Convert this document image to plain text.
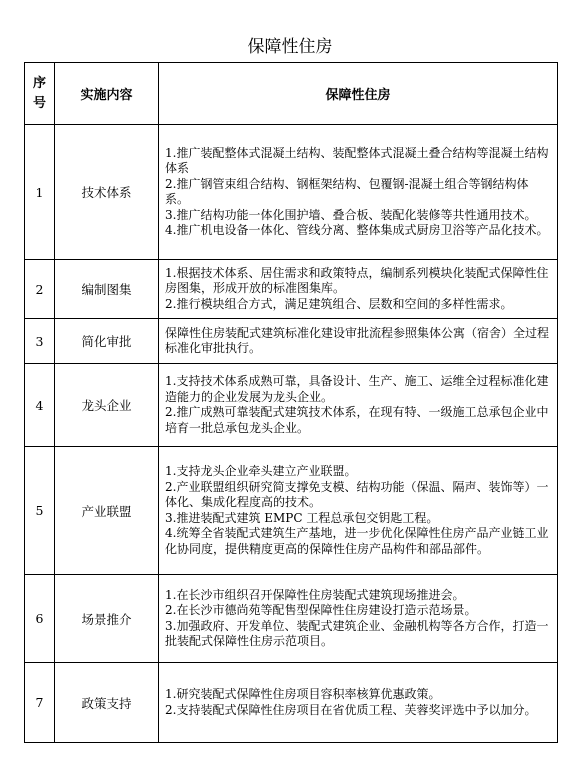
保障性住房
序
号	实施内容	保障性住房
1	技术体系	1.推广装配整体式混凝土结构、装配整体式混凝土叠合结构等混凝土结构体系
2.推广钢管束组合结构、钢框架结构、包覆钢-混凝土组合等钢结构体系。
3.推广结构功能一体化围护墙、叠合板、装配化装修等共性通用技术。
4.推广机电设备一体化、管线分离、整体集成式厨房卫浴等产品化技术。

2	编制图集	1.根据技术体系、居住需求和政策特点，编制系列模块化装配式保障性住房图集，形成开放的标准图集库。
2.推行模块组合方式，满足建筑组合、层数和空间的多样性需求。

3	简化审批	保障性住房装配式建筑标准化建设审批流程参照集体公寓（宿舍）全过程标准化审批执行。

4	龙头企业	1.支持技术体系成熟可靠，具备设计、生产、施工、运维全过程标准化建造能力的企业发展为龙头企业。
2.推广成熟可靠装配式建筑技术体系，在现有特、一级施工总承包企业中培育一批总承包龙头企业。

5	产业联盟	1.支持龙头企业牵头建立产业联盟。
2.产业联盟组织研究简支撑免支模、结构功能（保温、隔声、装饰等）一体化、集成化程度高的技术。
3.推进装配式建筑 EMPC 工程总承包交钥匙工程。
4.统筹全省装配式建筑生产基地，进一步优化保障性住房产品产业链工业化协同度，提供精度更高的保障性住房产品构件和部品部件。

6	场景推介	1.在长沙市组织召开保障性住房装配式建筑现场推进会。
2.在长沙市德尚苑等配售型保障性住房建设打造示范场景。
3.加强政府、开发单位、装配式建筑企业、金融机构等各方合作，打造一批装配式保障性住房示范项目。

7	政策支持	1.研究装配式保障性住房项目容积率核算优惠政策。
2.支持装配式保障性住房项目在省优质工程、芙蓉奖评选中予以加分。
